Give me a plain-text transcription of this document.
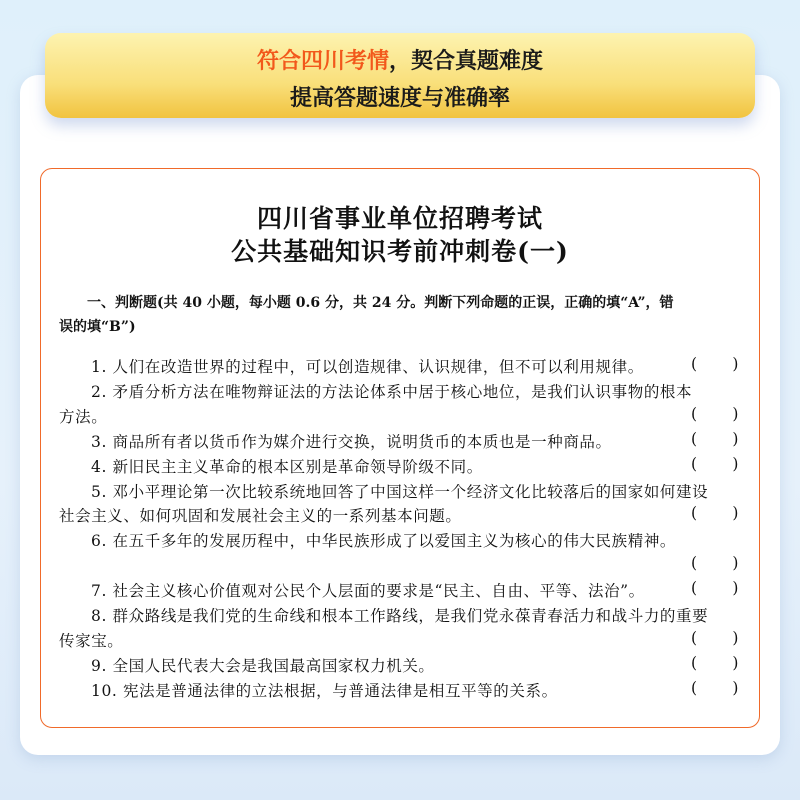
符合四川考情，契合真题难度
提高答题速度与准确率
四川省事业单位招聘考试
公共基础知识考前冲刺卷(一)
一、判断题(共 40 小题，每小题 0.6 分，共 24 分。判断下列命题的正误，正确的填“A”，错
误的填“B”)
1. 人们在改造世界的过程中，可以创造规律、认识规律，但不可以利用规律。	( )
2. 矛盾分析方法在唯物辩证法的方法论体系中居于核心地位，是我们认识事物的根本
方法。	( )
3. 商品所有者以货币作为媒介进行交换，说明货币的本质也是一种商品。	( )
4. 新旧民主主义革命的根本区别是革命领导阶级不同。	( )
5. 邓小平理论第一次比较系统地回答了中国这样一个经济文化比较落后的国家如何建设
社会主义、如何巩固和发展社会主义的一系列基本问题。	( )
6. 在五千多年的发展历程中，中华民族形成了以爱国主义为核心的伟大民族精神。
( )
7. 社会主义核心价值观对公民个人层面的要求是“民主、自由、平等、法治”。	( )
8. 群众路线是我们党的生命线和根本工作路线，是我们党永葆青春活力和战斗力的重要
传家宝。	( )
9. 全国人民代表大会是我国最高国家权力机关。	( )
10. 宪法是普通法律的立法根据，与普通法律是相互平等的关系。	( )
